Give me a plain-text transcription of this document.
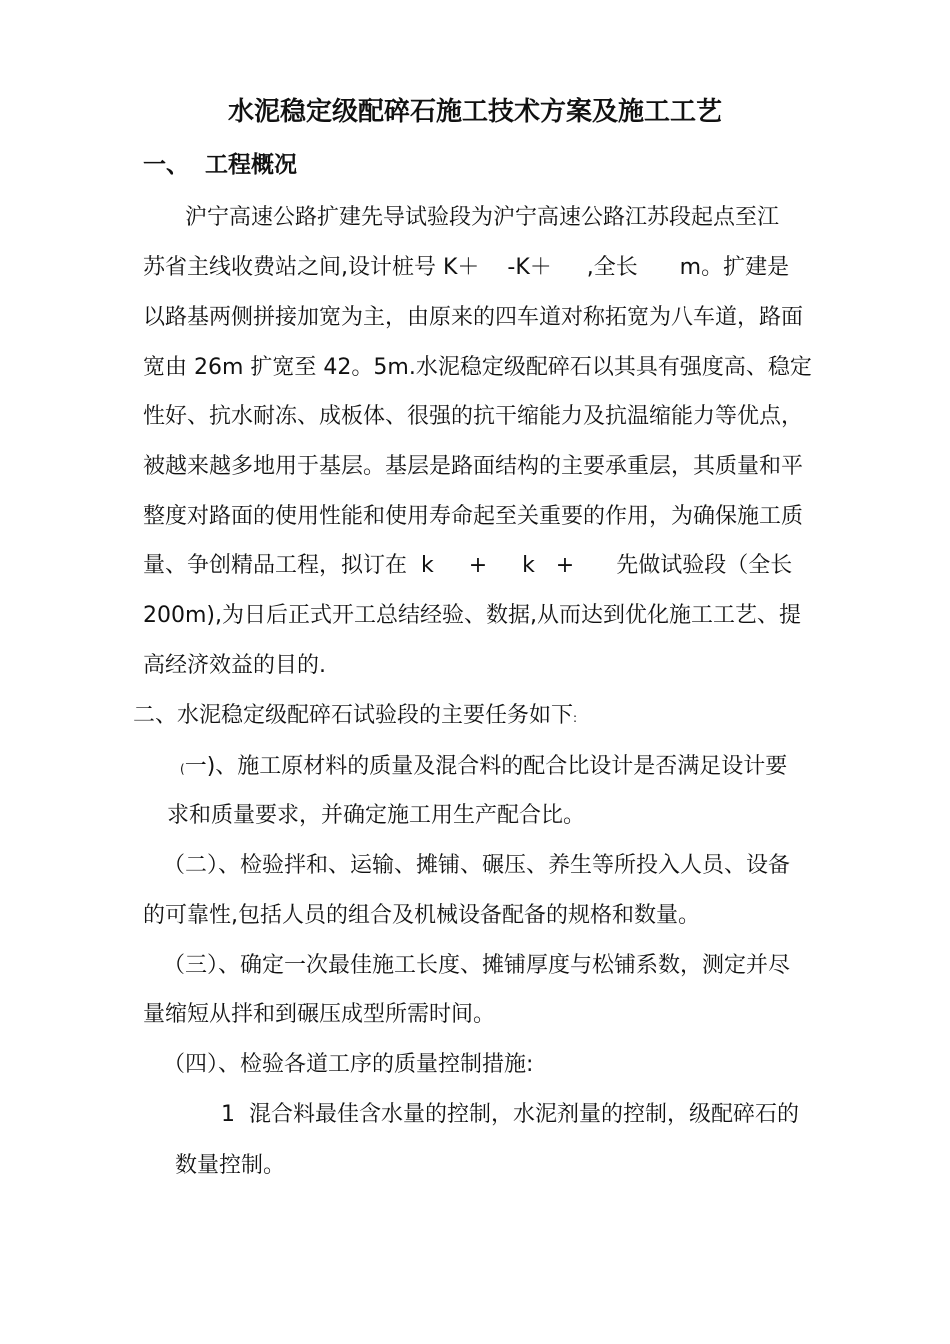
水泥稳定级配碎石施工技术方案及施工工艺
一、  工程概况
沪宁高速公路扩建先导试验段为沪宁高速公路江苏段起点至江
苏省主线收费站之间,设计桩号 K＋    -K＋     ,全长      m。扩建是
以路基两侧拼接加宽为主，由原来的四车道对称拓宽为八车道，路面
宽由 26m 扩宽至 42。5m.水泥稳定级配碎石以其具有强度高、稳定
性好、抗水耐冻、成板体、很强的抗干缩能力及抗温缩能力等优点，
被越来越多地用于基层。基层是路面结构的主要承重层，其质量和平
整度对路面的使用性能和使用寿命起至关重要的作用，为确保施工质
量、争创精品工程，拟订在  k     +     k   +      先做试验段（全长
200m),为日后正式开工总结经验、数据,从而达到优化施工工艺、提
高经济效益的目的.
二、水泥稳定级配碎石试验段的主要任务如下:
(一)、施工原材料的质量及混合料的配合比设计是否满足设计要
求和质量要求，并确定施工用生产配合比。
（二）、检验拌和、运输、摊铺、碾压、养生等所投入人员、设备
的可靠性,包括人员的组合及机械设备配备的规格和数量。
（三）、确定一次最佳施工长度、摊铺厚度与松铺系数，测定并尽
量缩短从拌和到碾压成型所需时间。
（四）、检验各道工序的质量控制措施:
1  混合料最佳含水量的控制，水泥剂量的控制，级配碎石的
数量控制。
